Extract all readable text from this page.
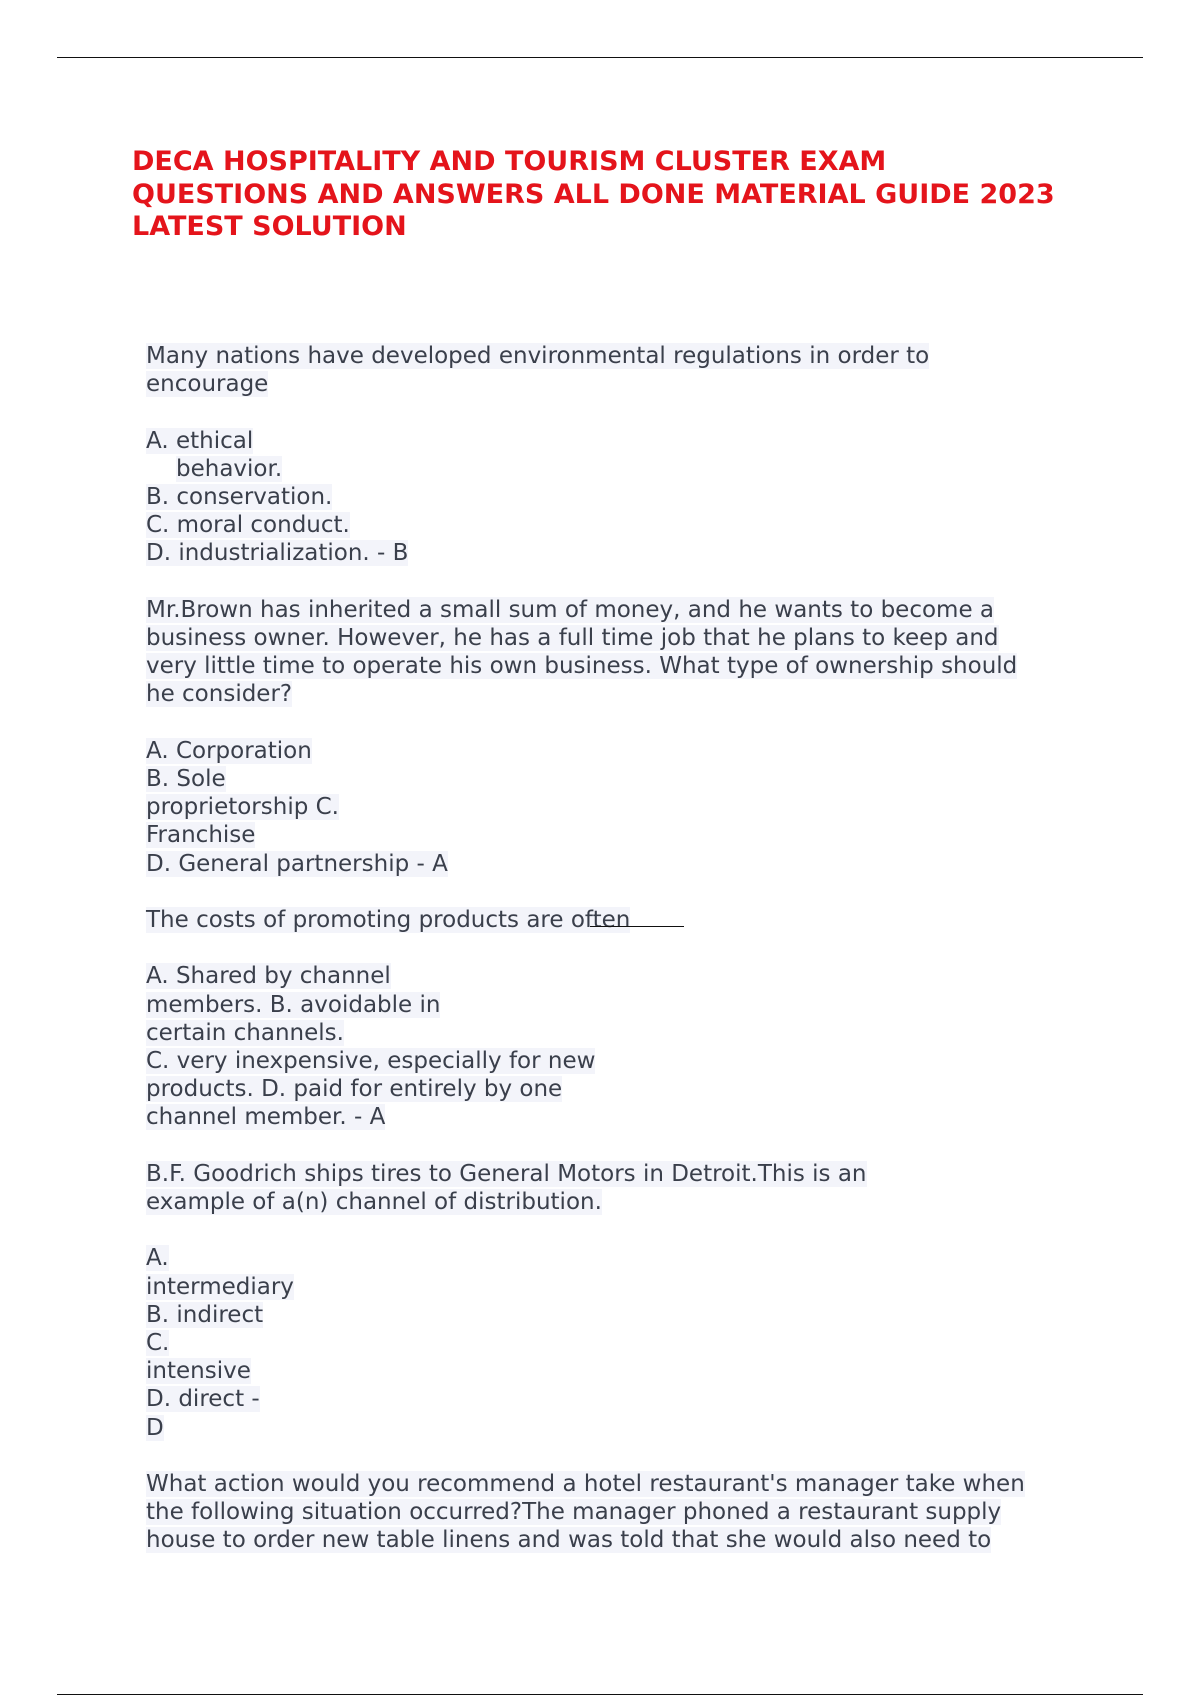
DECA HOSPITALITY AND TOURISM CLUSTER EXAM
QUESTIONS AND ANSWERS ALL DONE MATERIAL GUIDE 2023
LATEST SOLUTION
Many nations have developed environmental regulations in order to
encourage
A. ethical
behavior.
B. conservation.
C. moral conduct.
D. industrialization. - B
Mr.Brown has inherited a small sum of money, and he wants to become a
business owner. However, he has a full time job that he plans to keep and
very little time to operate his own business. What type of ownership should
he consider?
A. Corporation
B. Sole
proprietorship C.
Franchise
D. General partnership - A
The costs of promoting products are often
A. Shared by channel
members. B. avoidable in
certain channels.
C. very inexpensive, especially for new
products. D. paid for entirely by one
channel member. - A
B.F. Goodrich ships tires to General Motors in Detroit.This is an
example of a(n) channel of distribution.
A.
intermediary
B. indirect
C.
intensive
D. direct -
D
What action would you recommend a hotel restaurant's manager take when
the following situation occurred?The manager phoned a restaurant supply
house to order new table linens and was told that she would also need to
